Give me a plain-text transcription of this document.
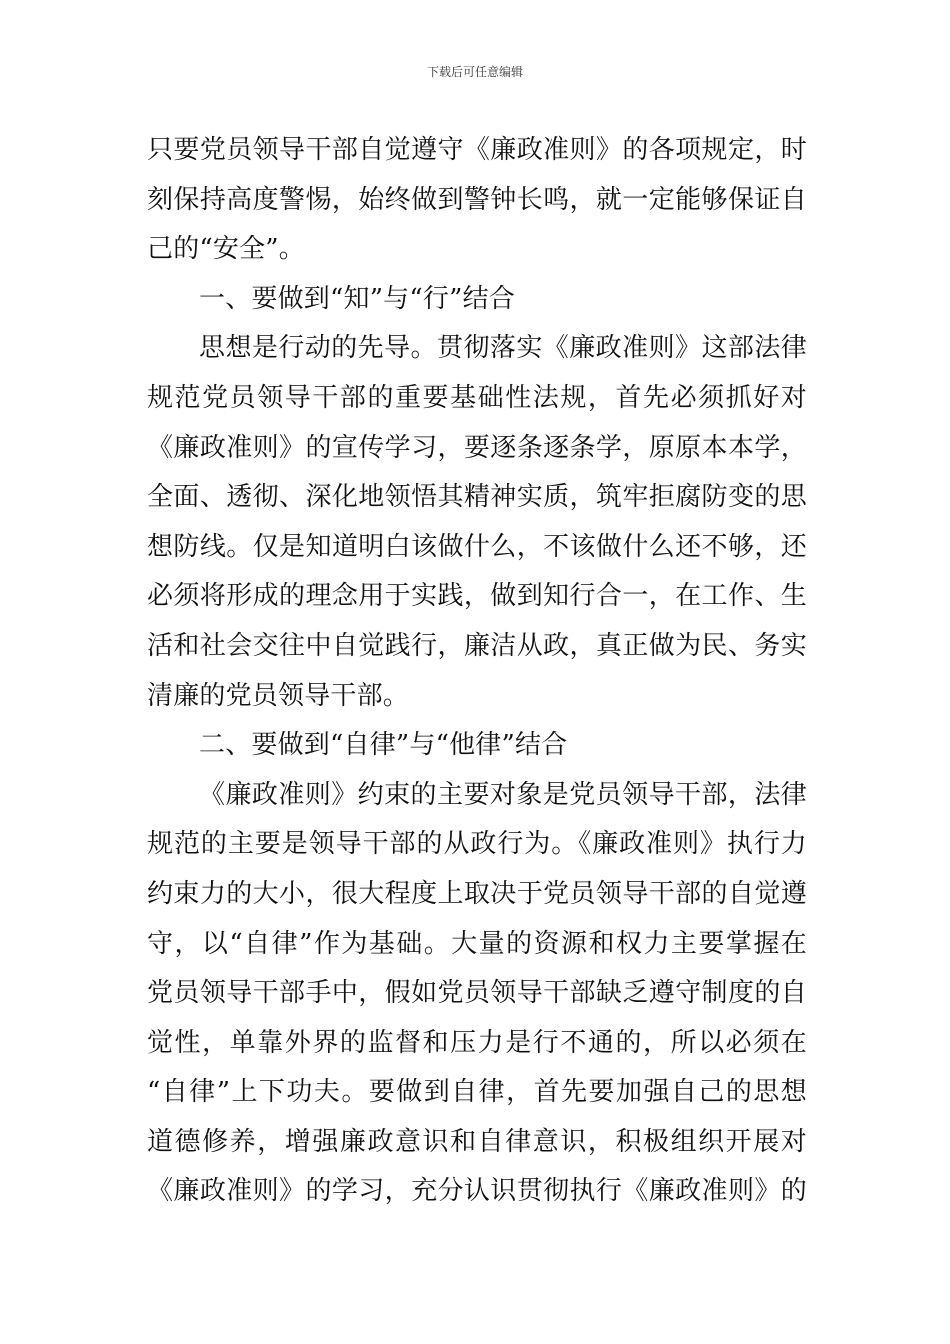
下载后可任意编辑
只要党员领导干部自觉遵守《廉政准则》的各项规定，时
刻保持高度警惕，始终做到警钟长鸣，就一定能够保证自
己的“安全”。
一、要做到“知”与“行”结合
思想是行动的先导。贯彻落实《廉政准则》这部法律
规范党员领导干部的重要基础性法规，首先必须抓好对
《廉政准则》的宣传学习，要逐条逐条学，原原本本学，
全面、透彻、深化地领悟其精神实质，筑牢拒腐防变的思
想防线。仅是知道明白该做什么，不该做什么还不够，还
必须将形成的理念用于实践，做到知行合一，在工作、生
活和社会交往中自觉践行，廉洁从政，真正做为民、务实
清廉的党员领导干部。
二、要做到“自律”与“他律”结合
《廉政准则》约束的主要对象是党员领导干部，法律
规范的主要是领导干部的从政行为。《廉政准则》执行力
约束力的大小，很大程度上取决于党员领导干部的自觉遵
守，以“自律”作为基础。大量的资源和权力主要掌握在
党员领导干部手中，假如党员领导干部缺乏遵守制度的自
觉性，单靠外界的监督和压力是行不通的，所以必须在
“自律”上下功夫。要做到自律，首先要加强自己的思想
道德修养，增强廉政意识和自律意识，积极组织开展对
《廉政准则》的学习，充分认识贯彻执行《廉政准则》的
